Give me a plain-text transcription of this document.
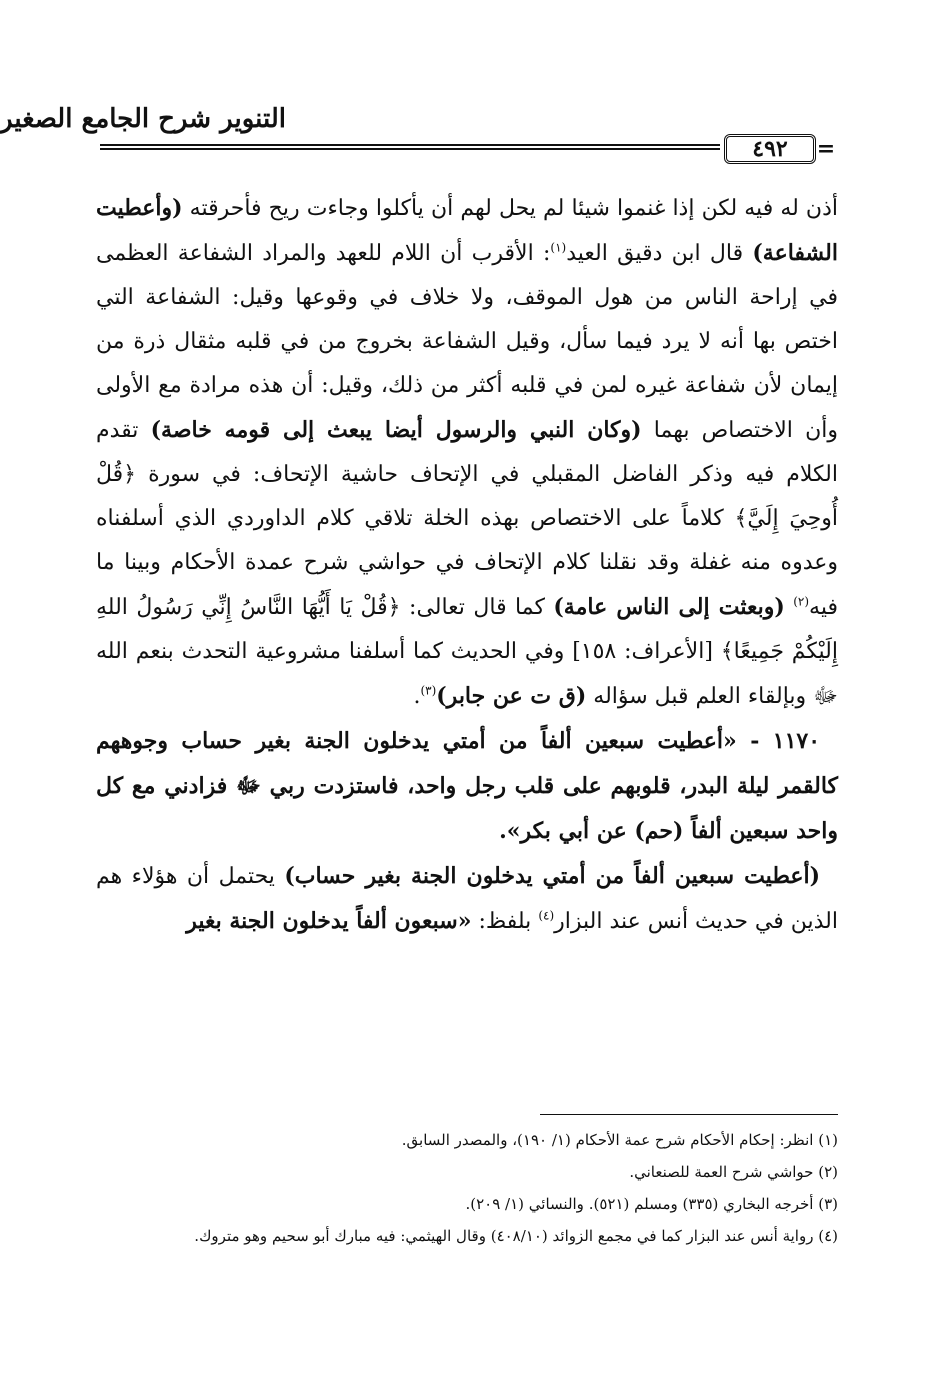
التنوير شرح الجامع الصغير
٤٩٢	=

أذن له فيه لكن إذا غنموا شيئا لم يحل لهم أن يأكلوا وجاءت ريح فأحرقته (وأعطيت الشفاعة) قال ابن دقيق العيد$^{(١)}$: الأقرب أن اللام للعهد والمراد الشفاعة العظمى في إراحة الناس من هول الموقف، ولا خلاف في وقوعها وقيل: الشفاعة التي اختص بها أنه لا يرد فيما سأل، وقيل الشفاعة بخروج من في قلبه مثقال ذرة من إيمان لأن شفاعة غيره لمن في قلبه أكثر من ذلك، وقيل: أن هذه مرادة مع الأولى وأن الاختصاص بهما (وكان النبي والرسول أيضا يبعث إلى قومه خاصة) تقدم الكلام فيه وذكر الفاضل المقبلي في الإتحاف حاشية الإتحاف: في سورة ﴿قُلْ أُوحِيَ إِلَيَّ﴾ كلاماً على الاختصاص بهذه الخلة تلاقي كلام الداوردي الذي أسلفناه وعدوه منه غفلة وقد نقلنا كلام الإتحاف في حواشي شرح عمدة الأحكام وبينا ما فيه$^{(٢)}$ (وبعثت إلى الناس عامة) كما قال تعالى: ﴿قُلْ يَا أَيُّهَا النَّاسُ إِنِّي رَسُولُ اللهِ إِلَيْكُمْ جَمِيعًا﴾ [الأعراف: ١٥٨] وفي الحديث كما أسلفنا مشروعية التحدث بنعم الله ﷻ وبإلقاء العلم قبل سؤاله (ق ت عن جابر)$^{(٣)}$.

١١٧٠ - «أعطيت سبعين ألفاً من أمتي يدخلون الجنة بغير حساب وجوههم كالقمر ليلة البدر، قلوبهم على قلب رجل واحد، فاستزدت ربي ﷻ فزادني مع كل واحد سبعين ألفاً (حم) عن أبي بكر».

(أعطيت سبعين ألفاً من أمتي يدخلون الجنة بغير حساب) يحتمل أن هؤلاء هم الذين في حديث أنس عند البزار$^{(٤)}$ بلفظ: «سبعون ألفاً يدخلون الجنة بغير

(١) انظر: إحكام الأحكام شرح عمة الأحكام (١/ ١٩٠)، والمصدر السابق.

(٢) حواشي شرح العمة للصنعاني.

(٣) أخرجه البخاري (٣٣٥) ومسلم (٥٢١). والنسائي (١/ ٢٠٩).

(٤) رواية أنس عند البزار كما في مجمع الزوائد (٤٠٨/١٠) وقال الهيثمي: فيه مبارك أبو سحيم وهو متروك.
